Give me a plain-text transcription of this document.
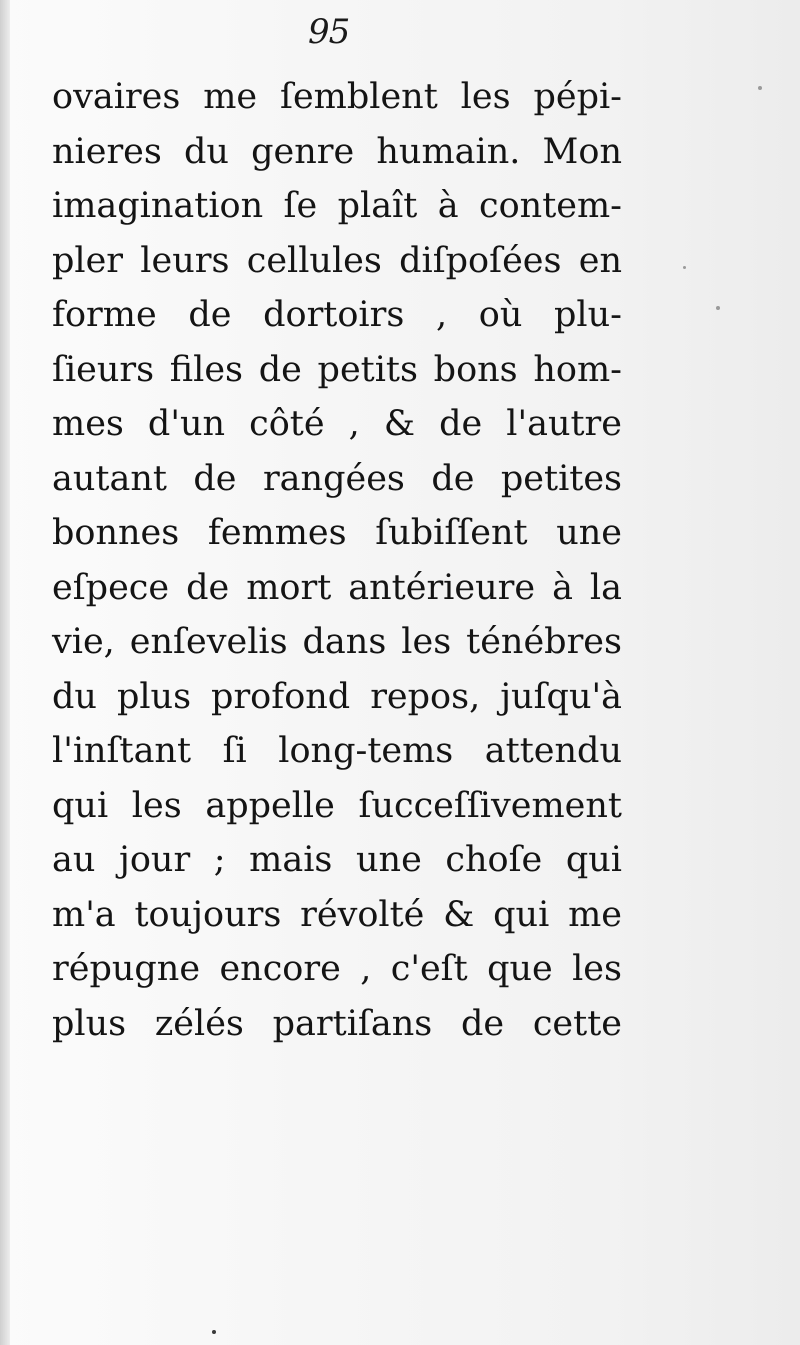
95
ovaires me ſemblent les pépi-
nieres du genre humain. Mon
imagination ſe plaît à contem-
pler leurs cellules diſpoſées en
forme de dortoirs , où plu-
ſieurs files de petits bons hom-
mes d'un côté , & de l'autre
autant de rangées de petites
bonnes femmes ſubiſſent une
eſpece de mort antérieure à la
vie, enſevelis dans les ténébres
du plus profond repos, juſqu'à
l'inſtant ſi long-tems attendu
qui les appelle ſucceſſivement
au jour ; mais une choſe qui
m'a toujours révolté & qui me
répugne encore , c'eſt que les
plus zélés partiſans de cette
